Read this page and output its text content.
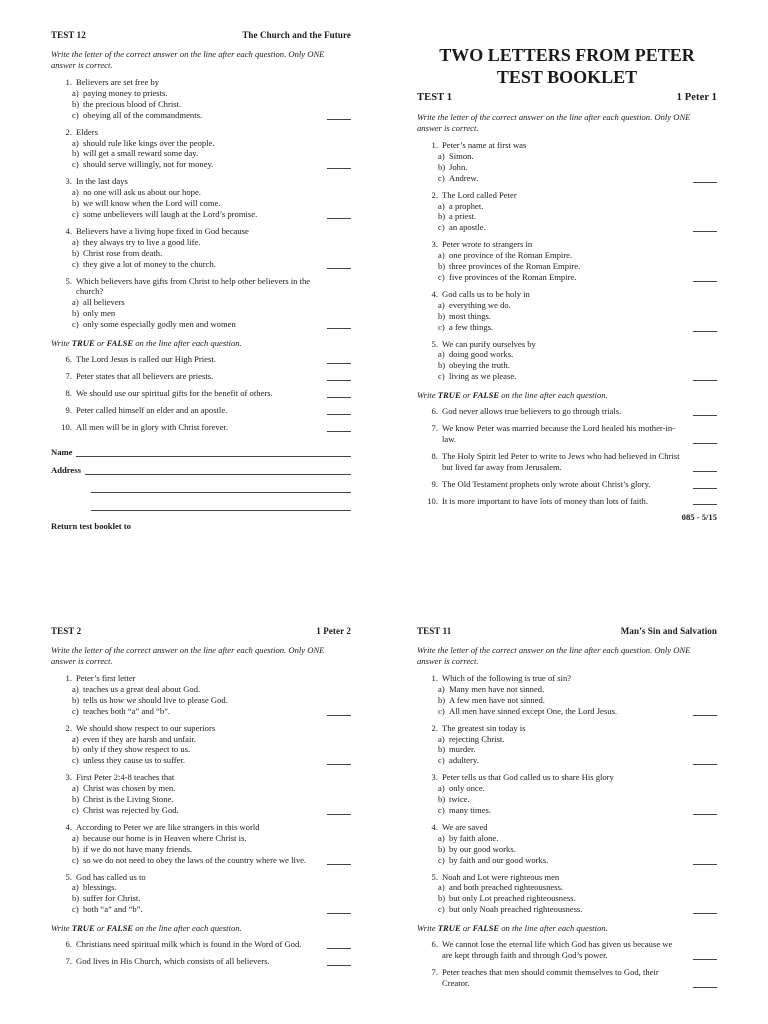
TEST 12	The Church and the Future
Write the letter of the correct answer on the line after each question. Only ONE answer is correct.
1. Believers are set free by
a) paying money to priests.
b) the precious blood of Christ.
c) obeying all of the commandments.
2. Elders
a) should rule like kings over the people.
b) will get a small reward some day.
c) should serve willingly, not for money.
3. In the last days
a) no one will ask us about our hope.
b) we will know when the Lord will come.
c) some unbelievers will laugh at the Lord’s promise.
4. Believers have a living hope fixed in God because
a) they always try to live a good life.
b) Christ rose from death.
c) they give a lot of money to the church.
5. Which believers have gifts from Christ to help other believers in the church?
a) all believers
b) only men
c) only some especially godly men and women
Write TRUE or FALSE on the line after each question.
6. The Lord Jesus is called our High Priest.
7. Peter states that all believers are priests.
8. We should use our spiritual gifts for the benefit of others.
9. Peter called himself an elder and an apostle.
10. All men will be in glory with Christ forever.
Name
Address
Return test booklet to
TWO LETTERS FROM PETER
TEST BOOKLET
TEST 1	1 Peter 1
Write the letter of the correct answer on the line after each question. Only ONE answer is correct.
1. Peter’s name at first was
a) Simon.
b) John.
c) Andrew.
2. The Lord called Peter
a) a prophet.
b) a priest.
c) an apostle.
3. Peter wrote to strangers in
a) one province of the Roman Empire.
b) three provinces of the Roman Empire.
c) five provinces of the Roman Empire.
4. God calls us to be holy in
a) everything we do.
b) most things.
c) a few things.
5. We can purify ourselves by
a) doing good works.
b) obeying the truth.
c) living as we please.
Write TRUE or FALSE on the line after each question.
6. God never allows true believers to go through trials.
7. We know Peter was married because the Lord healed his mother-in-law.
8. The Holy Spirit led Peter to write to Jews who had believed in Christ but lived far away from Jerusalem.
9. The Old Testament prophets only wrote about Christ’s glory.
10. It is more important to have lots of money than lots of faith.
085 - 5/15
TEST 2	1 Peter 2
Write the letter of the correct answer on the line after each question. Only ONE answer is correct.
1. Peter’s first letter
a) teaches us a great deal about God.
b) tells us how we should live to please God.
c) teaches both “a” and “b”.
2. We should show respect to our superiors
a) even if they are harsh and unfair.
b) only if they show respect to us.
c) unless they cause us to suffer.
3. First Peter 2:4-8 teaches that
a) Christ was chosen by men.
b) Christ is the Living Stone.
c) Christ was rejected by God.
4. According to Peter we are like strangers in this world
a) because our home is in Heaven where Christ is.
b) if we do not have many friends.
c) so we do not need to obey the laws of the country where we live.
5. God has called us to
a) blessings.
b) suffer for Christ.
c) both “a” and “b”.
Write TRUE or FALSE on the line after each question.
6. Christians need spiritual milk which is found in the Word of God.
7. God lives in His Church, which consists of all believers.
TEST 11	Man’s Sin and Salvation
Write the letter of the correct answer on the line after each question. Only ONE answer is correct.
1. Which of the following is true of sin?
a) Many men have not sinned.
b) A few men have not sinned.
c) All men have sinned except One, the Lord Jesus.
2. The greatest sin today is
a) rejecting Christ.
b) murder.
c) adultery.
3. Peter tells us that God called us to share His glory
a) only once.
b) twice.
c) many times.
4. We are saved
a) by faith alone.
b) by our good works.
c) by faith and our good works.
5. Noah and Lot were righteous men
a) and both preached righteousness.
b) but only Lot preached righteousness.
c) but only Noah preached righteousness.
Write TRUE or FALSE on the line after each question.
6. We cannot lose the eternal life which God has given us because we are kept through faith and through God’s power.
7. Peter teaches that men should commit themselves to God, their Creator.
